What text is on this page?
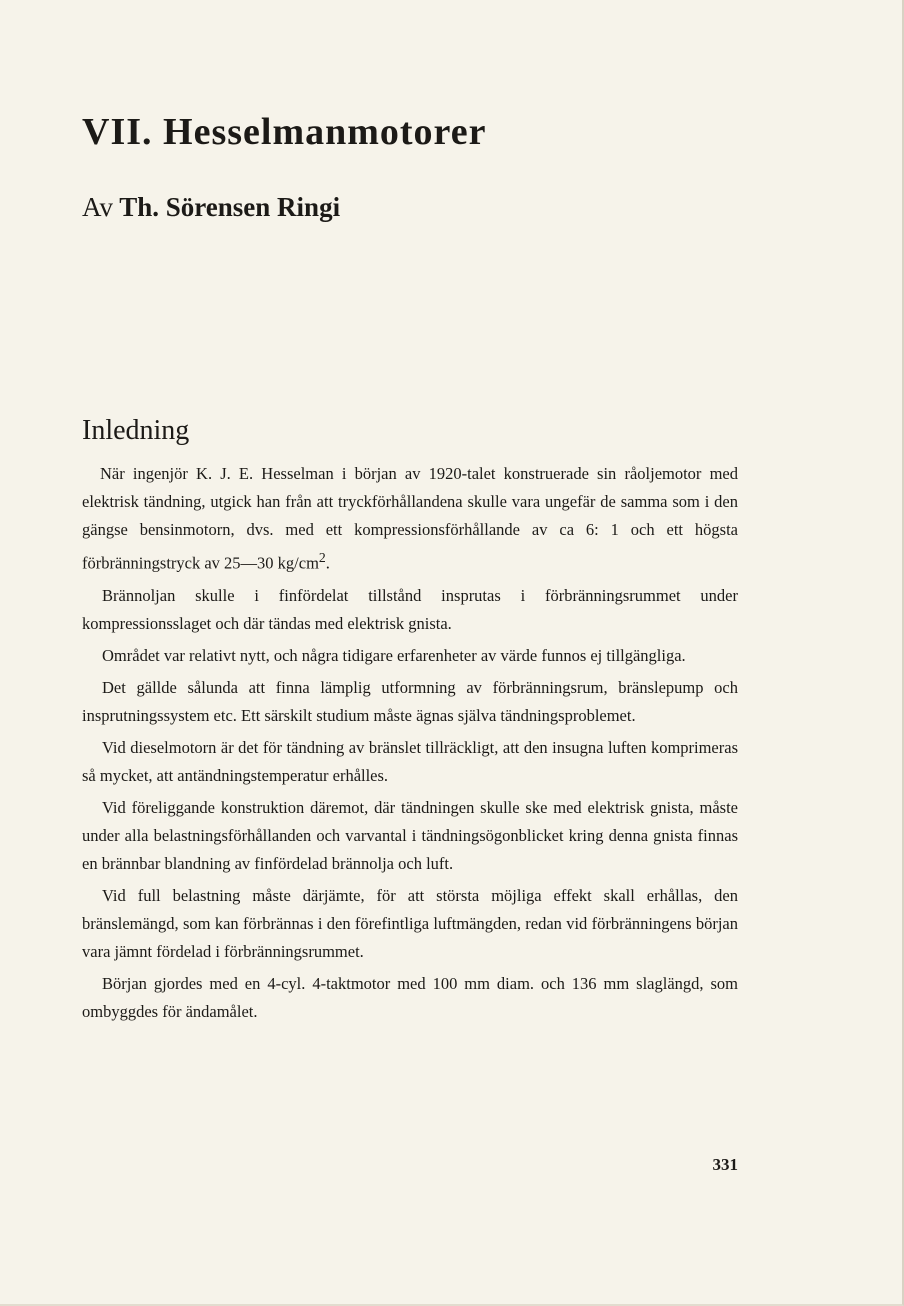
VII. Hesselmanmotorer
Av Th. Sörensen Ringi
Inledning

När ingenjör K. J. E. Hesselman i början av 1920-talet konstruerade sin råoljemotor med elektrisk tändning, utgick han från att tryckförhållandena skulle vara ungefär de samma som i den gängse bensinmotorn, dvs. med ett kompressionsförhållande av ca 6: 1 och ett högsta förbränningstryck av 25—30 $kg/cm^2$.

Brännoljan skulle i finfördelat tillstånd insprutas i förbränningsrummet under kompressionsslaget och där tändas med elektrisk gnista.

Området var relativt nytt, och några tidigare erfarenheter av värde funnos ej tillgängliga.

Det gällde sålunda att finna lämplig utformning av förbränningsrum, bränslepump och insprutningssystem etc. Ett särskilt studium måste ägnas själva tändningsproblemet.

Vid dieselmotorn är det för tändning av bränslet tillräckligt, att den insugna luften komprimeras så mycket, att antändningstemperatur erhålles.

Vid föreliggande konstruktion däremot, där tändningen skulle ske med elektrisk gnista, måste under alla belastningsförhållanden och varvantal i tändningsögonblicket kring denna gnista finnas en brännbar blandning av finfördelad brännolja och luft.

Vid full belastning måste därjämte, för att största möjliga effekt skall erhållas, den bränslemängd, som kan förbrännas i den förefintliga luftmängden, redan vid förbränningens början vara jämnt fördelad i förbränningsrummet.

Början gjordes med en 4-cyl. 4-taktmotor med 100 mm diam. och 136 mm slaglängd, som ombyggdes för ändamålet.

331
